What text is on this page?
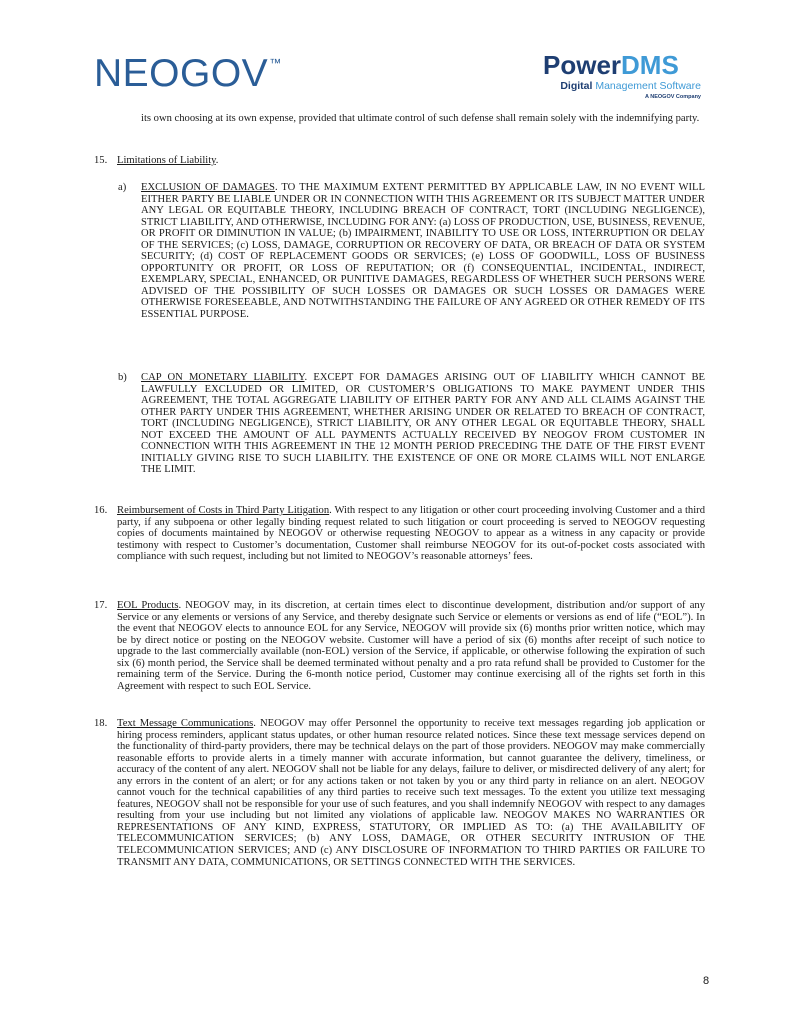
NEOGOV™	PowerDMS
Digital Management Software
A NEOGOV Company
its own choosing at its own expense, provided that ultimate control of such defense shall remain solely with the indemnifying party.
15. Limitations of Liability.
a) EXCLUSION OF DAMAGES. TO THE MAXIMUM EXTENT PERMITTED BY APPLICABLE LAW, IN NO EVENT WILL EITHER PARTY BE LIABLE UNDER OR IN CONNECTION WITH THIS AGREEMENT OR ITS SUBJECT MATTER UNDER ANY LEGAL OR EQUITABLE THEORY, INCLUDING BREACH OF CONTRACT, TORT (INCLUDING NEGLIGENCE), STRICT LIABILITY, AND OTHERWISE, INCLUDING FOR ANY: (a) LOSS OF PRODUCTION, USE, BUSINESS, REVENUE, OR PROFIT OR DIMINUTION IN VALUE; (b) IMPAIRMENT, INABILITY TO USE OR LOSS, INTERRUPTION OR DELAY OF THE SERVICES; (c) LOSS, DAMAGE, CORRUPTION OR RECOVERY OF DATA, OR BREACH OF DATA OR SYSTEM SECURITY; (d) COST OF REPLACEMENT GOODS OR SERVICES; (e) LOSS OF GOODWILL, LOSS OF BUSINESS OPPORTUNITY OR PROFIT, OR LOSS OF REPUTATION; OR (f) CONSEQUENTIAL, INCIDENTAL, INDIRECT, EXEMPLARY, SPECIAL, ENHANCED, OR PUNITIVE DAMAGES, REGARDLESS OF WHETHER SUCH PERSONS WERE ADVISED OF THE POSSIBILITY OF SUCH LOSSES OR DAMAGES OR SUCH LOSSES OR DAMAGES WERE OTHERWISE FORESEEABLE, AND NOTWITHSTANDING THE FAILURE OF ANY AGREED OR OTHER REMEDY OF ITS ESSENTIAL PURPOSE.
b) CAP ON MONETARY LIABILITY. EXCEPT FOR DAMAGES ARISING OUT OF LIABILITY WHICH CANNOT BE LAWFULLY EXCLUDED OR LIMITED, OR CUSTOMER’S OBLIGATIONS TO MAKE PAYMENT UNDER THIS AGREEMENT, THE TOTAL AGGREGATE LIABILITY OF EITHER PARTY FOR ANY AND ALL CLAIMS AGAINST THE OTHER PARTY UNDER THIS AGREEMENT, WHETHER ARISING UNDER OR RELATED TO BREACH OF CONTRACT, TORT (INCLUDING NEGLIGENCE), STRICT LIABILITY, OR ANY OTHER LEGAL OR EQUITABLE THEORY, SHALL NOT EXCEED THE AMOUNT OF ALL PAYMENTS ACTUALLY RECEIVED BY NEOGOV FROM CUSTOMER IN CONNECTION WITH THIS AGREEMENT IN THE 12 MONTH PERIOD PRECEDING THE DATE OF THE FIRST EVENT INITIALLY GIVING RISE TO SUCH LIABILITY. THE EXISTENCE OF ONE OR MORE CLAIMS WILL NOT ENLARGE THE LIMIT.
16. Reimbursement of Costs in Third Party Litigation. With respect to any litigation or other court proceeding involving Customer and a third party, if any subpoena or other legally binding request related to such litigation or court proceeding is served to NEOGOV requesting copies of documents maintained by NEOGOV or otherwise requesting NEOGOV to appear as a witness in any capacity or provide testimony with respect to Customer’s documentation, Customer shall reimburse NEOGOV for its out-of-pocket costs associated with compliance with such request, including but not limited to NEOGOV’s reasonable attorneys’ fees.
17. EOL Products. NEOGOV may, in its discretion, at certain times elect to discontinue development, distribution and/or support of any Service or any elements or versions of any Service, and thereby designate such Service or elements or versions as end of life (“EOL”). In the event that NEOGOV elects to announce EOL for any Service, NEOGOV will provide six (6) months prior written notice, which may be by direct notice or posting on the NEOGOV website. Customer will have a period of six (6) months after receipt of such notice to upgrade to the last commercially available (non-EOL) version of the Service, if applicable, or otherwise following the expiration of such six (6) month period, the Service shall be deemed terminated without penalty and a pro rata refund shall be provided to Customer for the remaining term of the Service. During the 6-month notice period, Customer may continue exercising all of the rights set forth in this Agreement with respect to such EOL Service.
18. Text Message Communications. NEOGOV may offer Personnel the opportunity to receive text messages regarding job application or hiring process reminders, applicant status updates, or other human resource related notices. Since these text message services depend on the functionality of third-party providers, there may be technical delays on the part of those providers. NEOGOV may make commercially reasonable efforts to provide alerts in a timely manner with accurate information, but cannot guarantee the delivery, timeliness, or accuracy of the content of any alert. NEOGOV shall not be liable for any delays, failure to deliver, or misdirected delivery of any alert; for any errors in the content of an alert; or for any actions taken or not taken by you or any third party in reliance on an alert. NEOGOV cannot vouch for the technical capabilities of any third parties to receive such text messages. To the extent you utilize text messaging features, NEOGOV shall not be responsible for your use of such features, and you shall indemnify NEOGOV with respect to any damages resulting from your use including but not limited any violations of applicable law. NEOGOV MAKES NO WARRANTIES OR REPRESENTATIONS OF ANY KIND, EXPRESS, STATUTORY, OR IMPLIED AS TO: (a) THE AVAILABILITY OF TELECOMMUNICATION SERVICES; (b) ANY LOSS, DAMAGE, OR OTHER SECURITY INTRUSION OF THE TELECOMMUNICATION SERVICES; AND (c) ANY DISCLOSURE OF INFORMATION TO THIRD PARTIES OR FAILURE TO TRANSMIT ANY DATA, COMMUNICATIONS, OR SETTINGS CONNECTED WITH THE SERVICES.
8
